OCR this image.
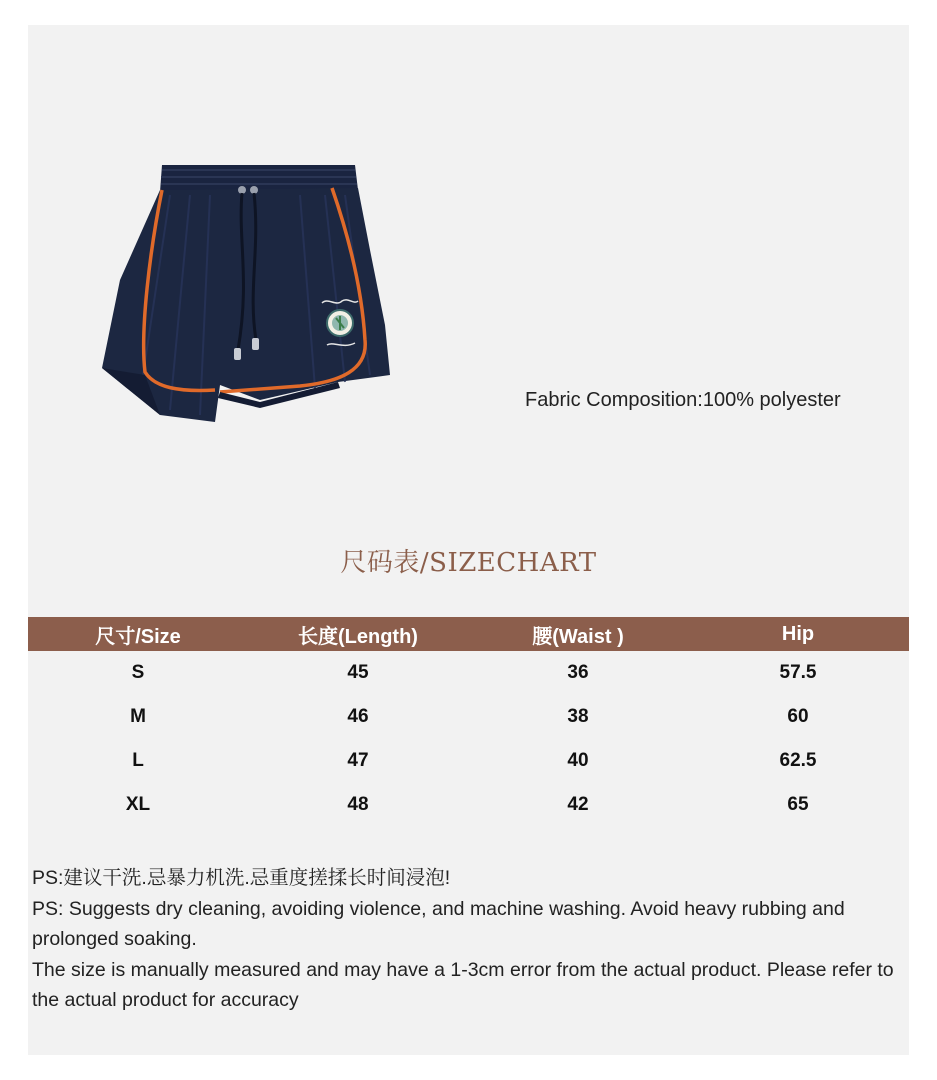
Fabric Composition:100% polyester
尺码表/SIZECHART
尺寸/Size	长度(Length)	腰(Waist )	Hip
S	45	36	57.5
M	46	38	60
L	47	40	62.5
XL	48	42	65

PS:建议干洗.忌暴力机洗.忌重度搓揉长时间浸泡!

PS: Suggests dry cleaning, avoiding violence, and machine washing. Avoid heavy rubbing and prolonged soaking.

The size is manually measured and may have a 1-3cm error from the actual product. Please refer to the actual product for accuracy
